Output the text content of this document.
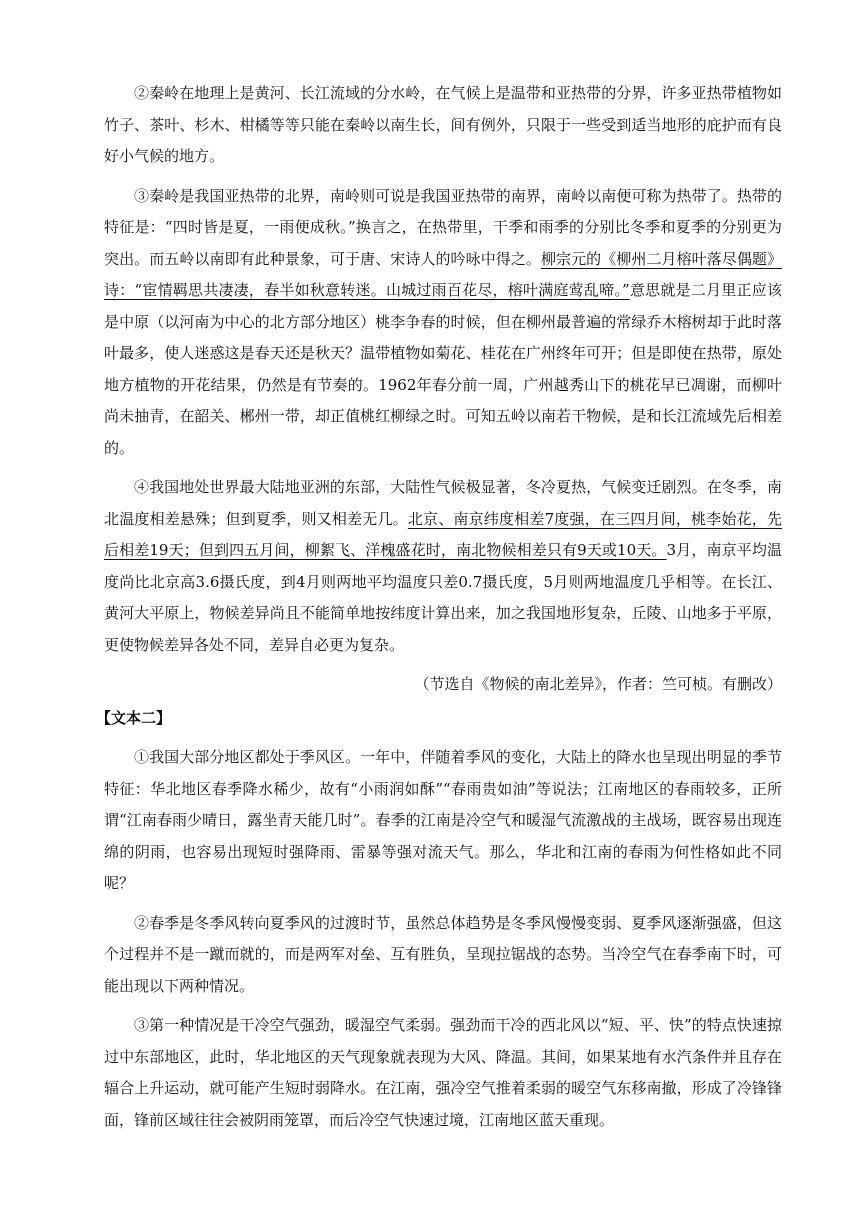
②秦岭在地理上是黄河、长江流域的分水岭，在气候上是温带和亚热带的分界，许多亚热带植物如竹子、茶叶、杉木、柑橘等等只能在秦岭以南生长，间有例外，只限于一些受到适当地形的庇护而有良好小气候的地方。

③秦岭是我国亚热带的北界，南岭则可说是我国亚热带的南界，南岭以南便可称为热带了。热带的特征是：“四时皆是夏，一雨便成秋。”换言之，在热带里，干季和雨季的分别比冬季和夏季的分别更为突出。而五岭以南即有此种景象，可于唐、宋诗人的吟咏中得之。柳宗元的《柳州二月榕叶落尽偶题》诗：“宦情羁思共凄凄，春半如秋意转迷。山城过雨百花尽，榕叶满庭莺乱啼。”意思就是二月里正应该是中原（以河南为中心的北方部分地区）桃李争春的时候，但在柳州最普遍的常绿乔木榕树却于此时落叶最多，使人迷惑这是春天还是秋天？温带植物如菊花、桂花在广州终年可开；但是即使在热带，原处地方植物的开花结果，仍然是有节奏的。1962年春分前一周，广州越秀山下的桃花早已凋谢，而柳叶尚未抽青，在韶关、郴州一带，却正值桃红柳绿之时。可知五岭以南若干物候，是和长江流域先后相差的。

④我国地处世界最大陆地亚洲的东部，大陆性气候极显著，冬冷夏热，气候变迁剧烈。在冬季，南北温度相差悬殊；但到夏季，则又相差无几。北京、南京纬度相差7度强，在三四月间，桃李始花，先后相差19天；但到四五月间，柳絮飞、洋槐盛花时，南北物候相差只有9天或10天。3月，南京平均温度尚比北京高3.6摄氏度，到4月则两地平均温度只差0.7摄氏度，5月则两地温度几乎相等。在长江、黄河大平原上，物候差异尚且不能简单地按纬度计算出来，加之我国地形复杂，丘陵、山地多于平原，更使物候差异各处不同，差异自必更为复杂。

（节选自《物候的南北差异》，作者：竺可桢。有删改）
【文本二】

①我国大部分地区都处于季风区。一年中，伴随着季风的变化，大陆上的降水也呈现出明显的季节特征：华北地区春季降水稀少，故有“小雨润如酥”“春雨贵如油”等说法；江南地区的春雨较多，正所谓“江南春雨少晴日，露坐青天能几时”。春季的江南是冷空气和暖湿气流激战的主战场，既容易出现连绵的阴雨，也容易出现短时强降雨、雷暴等强对流天气。那么，华北和江南的春雨为何性格如此不同呢？

②春季是冬季风转向夏季风的过渡时节，虽然总体趋势是冬季风慢慢变弱、夏季风逐渐强盛，但这个过程并不是一蹴而就的，而是两军对垒、互有胜负，呈现拉锯战的态势。当冷空气在春季南下时，可能出现以下两种情况。

③第一种情况是干冷空气强劲，暖湿空气柔弱。强劲而干冷的西北风以“短、平、快”的特点快速掠过中东部地区，此时，华北地区的天气现象就表现为大风、降温。其间，如果某地有水汽条件并且存在辐合上升运动，就可能产生短时弱降水。在江南，强冷空气推着柔弱的暖空气东移南撤，形成了冷锋锋面，锋前区域往往会被阴雨笼罩，而后冷空气快速过境，江南地区蓝天重现。
